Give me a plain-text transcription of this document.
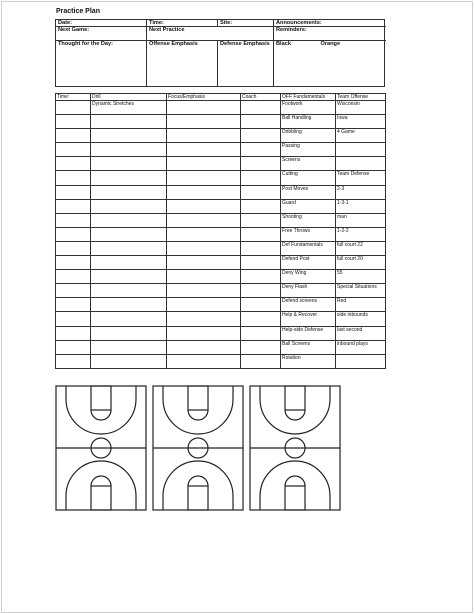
Practice Plan
Date:	Time:	Site:	Announcements:
Next Game:	Next Practice	Reminders:
Thought for the Day:	Offense Emphasis	Defense Emphasis	Black	Orange
Time:	Drill	Focus/Emphasis	Coach	OFF Fundamentals	Team Offense
	Dynamic Stretches			Footwork	Wisconsin
				Ball Handling	Iowa
				Dribbling	4 Game
				Passing	
				Screens	
				Cutting	Team Defense
				Post Moves	2-3
				Guard	1-3-1
				Shooting	man
				Free Throws	1-2-2
				Def Fundamentals	full court 22
				Defend Post	full court 20
				Deny Wing	55
				Deny Flash	Special Situations
				Defend screens	Red
				Help & Recover	side inbounds
				Help-side Defense	last second
				Ball Screens	inbound plays
				Rotation	
